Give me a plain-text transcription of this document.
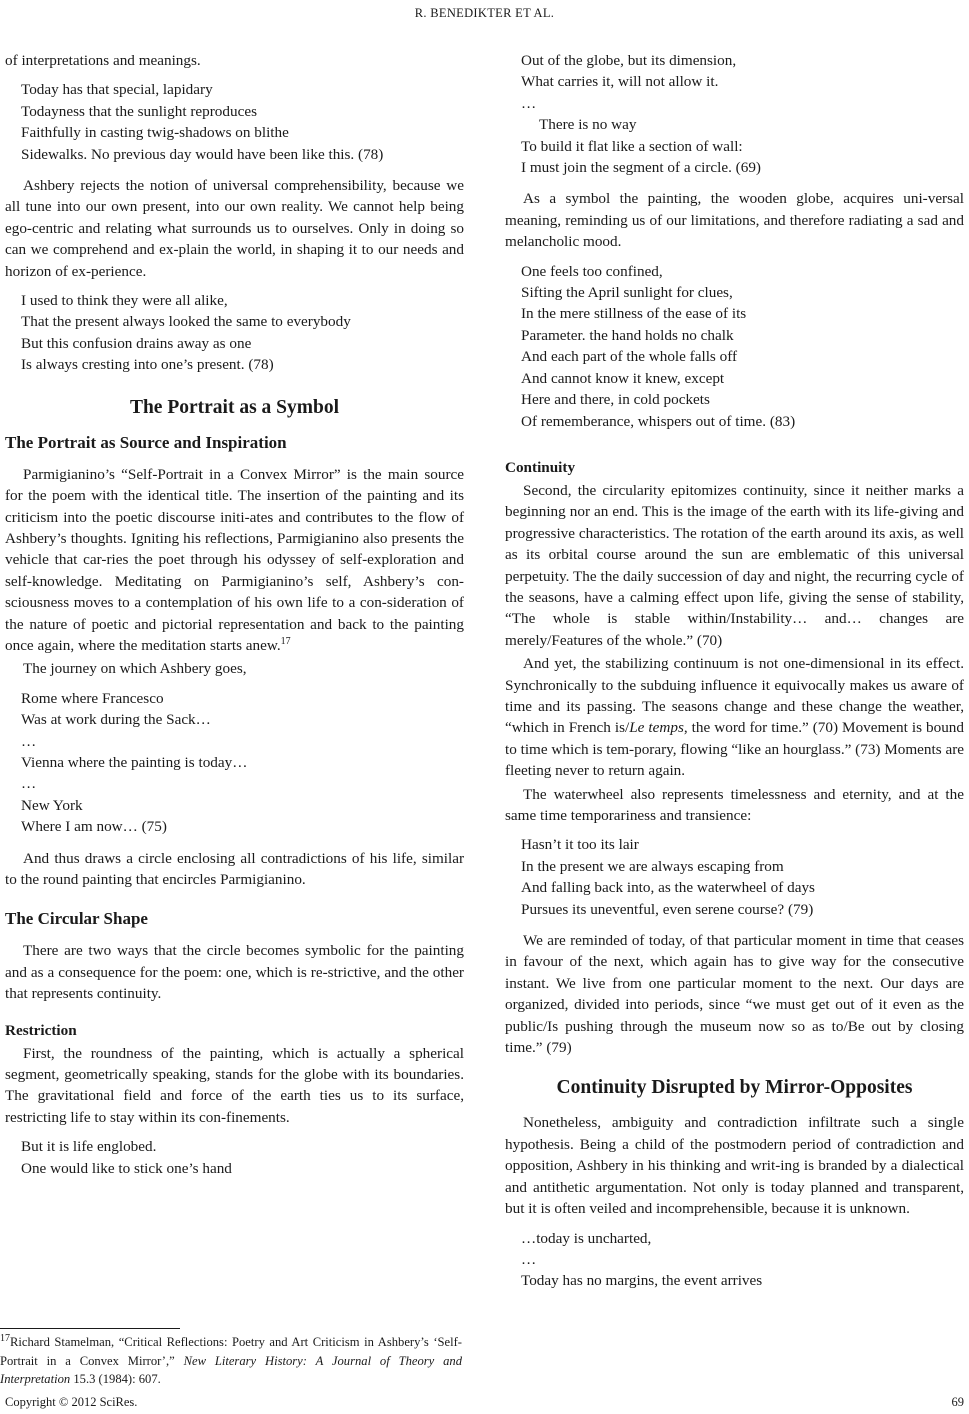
R. BENEDIKTER ET AL.

of interpretations and meanings.

Today has that special, lapidary
Todayness that the sunlight reproduces
Faithfully in casting twig-shadows on blithe
Sidewalks. No previous day would have been like this. (78)

Ashbery rejects the notion of universal comprehensibility, because we all tune into our own present, into our own reality. We cannot help being ego-centric and relating what surrounds us to ourselves. Only in doing so can we comprehend and ex-plain the world, in shaping it to our needs and horizon of ex-perience.

I used to think they were all alike,
That the present always looked the same to everybody
But this confusion drains away as one
Is always cresting into one’s present. (78)
The Portrait as a Symbol
The Portrait as Source and Inspiration

Parmigianino’s “Self-Portrait in a Convex Mirror” is the main source for the poem with the identical title. The insertion of the painting and its criticism into the poetic discourse initi-ates and contributes to the flow of Ashbery’s thoughts. Igniting his reflections, Parmigianino also presents the vehicle that car-ries the poet through his odyssey of self-exploration and self-knowledge. Meditating on Parmigianino’s self, Ashbery’s con-sciousness moves to a contemplation of his own life to a con-sideration of the nature of poetic and pictorial representation and back to the painting once again, where the meditation starts anew.$^{17}$

The journey on which Ashbery goes,

Rome where Francesco
Was at work during the Sack…
…
Vienna where the painting is today…
…
New York
Where I am now… (75)

And thus draws a circle enclosing all contradictions of his life, similar to the round painting that encircles Parmigianino.

The Circular Shape

There are two ways that the circle becomes symbolic for the painting and as a consequence for the poem: one, which is re-strictive, and the other that represents continuity.

Restriction

First, the roundness of the painting, which is actually a spherical segment, geometrically speaking, stands for the globe with its boundaries. The gravitational field and force of the earth ties us to its surface, restricting life to stay within its con-finements.

But it is life englobed.
One would like to stick one’s hand
$^{17}$Richard Stamelman, “Critical Reflections: Poetry and Art Criticism in Ashbery’s ‘Self-Portrait in a Convex Mirror’,” New Literary History: A Journal of Theory and Interpretation 15.3 (1984): 607.
Out of the globe, but its dimension,
What carries it, will not allow it.
…
There is no way
To build it flat like a section of wall:
I must join the segment of a circle. (69)

As a symbol the painting, the wooden globe, acquires uni-versal meaning, reminding us of our limitations, and therefore radiating a sad and melancholic mood.

One feels too confined,
Sifting the April sunlight for clues,
In the mere stillness of the ease of its
Parameter. the hand holds no chalk
And each part of the whole falls off
And cannot know it knew, except
Here and there, in cold pockets
Of rememberance, whispers out of time. (83)
Continuity

Second, the circularity epitomizes continuity, since it neither marks a beginning nor an end. This is the image of the earth with its life-giving and progressive characteristics. The rotation of the earth around its axis, as well as its orbital course around the sun are emblematic of this universal perpetuity. The the daily succession of day and night, the recurring cycle of the seasons, have a calming effect upon life, giving the sense of stability, “The whole is stable within/Instability… and… changes are merely/Features of the whole.” (70)

And yet, the stabilizing continuum is not one-dimensional in its effect. Synchronically to the subduing influence it equivocally makes us aware of time and its passing. The seasons change and these change the weather, “which in French is/Le temps, the word for time.” (70) Movement is bound to time which is tem-porary, flowing “like an hourglass.” (73) Moments are fleeting never to return again.

The waterwheel also represents timelessness and eternity, and at the same time temporariness and transience:

Hasn’t it too its lair
In the present we are always escaping from
And falling back into, as the waterwheel of days
Pursues its uneventful, even serene course? (79)

We are reminded of today, of that particular moment in time that ceases in favour of the next, which again has to give way for the consecutive instant. We live from one particular moment to the next. Our days are organized, divided into periods, since “we must get out of it even as the public/Is pushing through the museum now so as to/Be out by closing time.” (79)

Continuity Disrupted by Mirror-Opposites

Nonetheless, ambiguity and contradiction infiltrate such a single hypothesis. Being a child of the postmodern period of contradiction and opposition, Ashbery in his thinking and writ-ing is branded by a dialectical and antithetic argumentation. Not only is today planned and transparent, but it is often veiled and incomprehensible, because it is unknown.

…today is uncharted,
…
Today has no margins, the event arrives
Copyright © 2012 SciRes.	69
